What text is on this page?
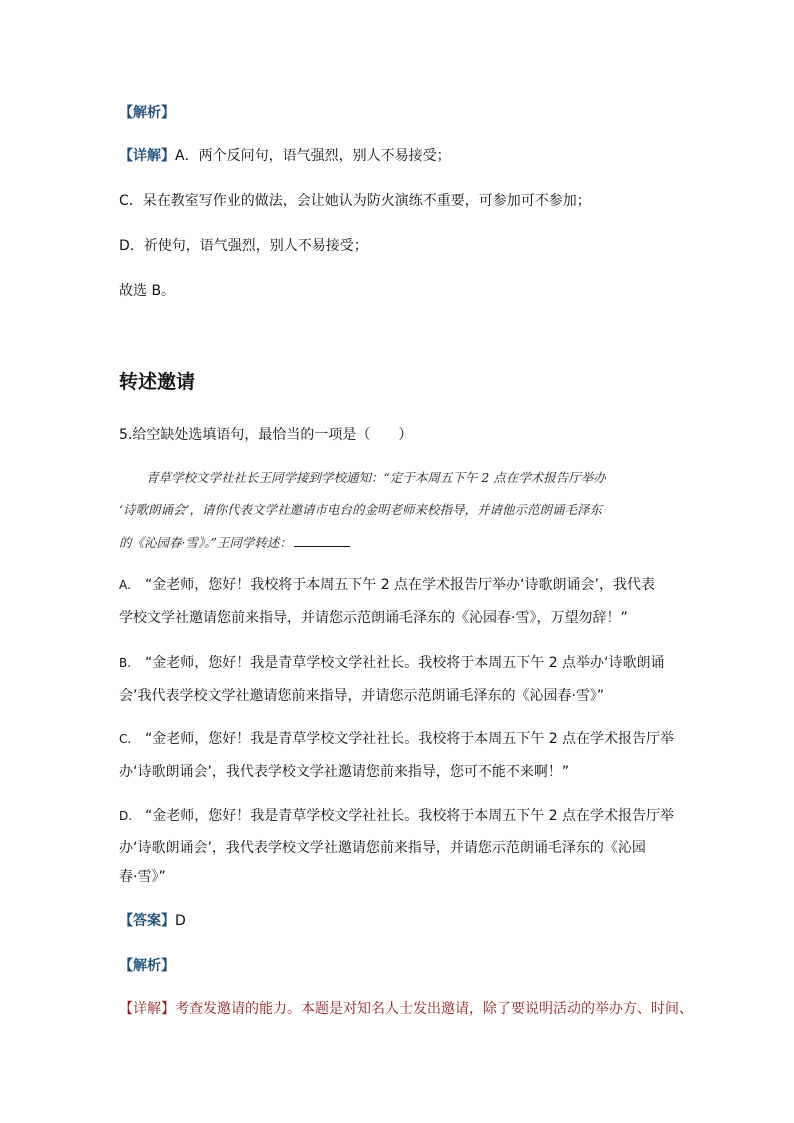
【解析】
【详解】A．两个反问句，语气强烈，别人不易接受；
C．呆在教室写作业的做法，会让她认为防火演练不重要，可参加可不参加；
D．祈使句，语气强烈，别人不易接受；
故选 B。
转述邀请
5.给空缺处选填语句，最恰当的一项是（　　）
青草学校文学社社长王同学接到学校通知：“定于本周五下午 2 点在学术报告厅举办
‘诗歌朗诵会’，请你代表文学社邀请市电台的金明老师来校指导，并请他示范朗诵毛泽东
的《沁园春·雪》。”王同学转述：
A. “金老师，您好！我校将于本周五下午 2 点在学术报告厅举办‘诗歌朗诵会’，我代表
学校文学社邀请您前来指导，并请您示范朗诵毛泽东的《沁园春·雪》，万望勿辞！”
B. “金老师，您好！我是青草学校文学社社长。我校将于本周五下午 2 点举办‘诗歌朗诵
会’我代表学校文学社邀请您前来指导，并请您示范朗诵毛泽东的《沁园春·雪》”
C. “金老师，您好！我是青草学校文学社社长。我校将于本周五下午 2 点在学术报告厅举
办‘诗歌朗诵会’，我代表学校文学社邀请您前来指导，您可不能不来啊！”
D. “金老师，您好！我是青草学校文学社社长。我校将于本周五下午 2 点在学术报告厅举
办‘诗歌朗诵会’，我代表学校文学社邀请您前来指导，并请您示范朗诵毛泽东的《沁园
春·雪》”
【答案】D
【解析】
【详解】考查发邀请的能力。本题是对知名人士发出邀请，除了要说明活动的举办方、时间、
